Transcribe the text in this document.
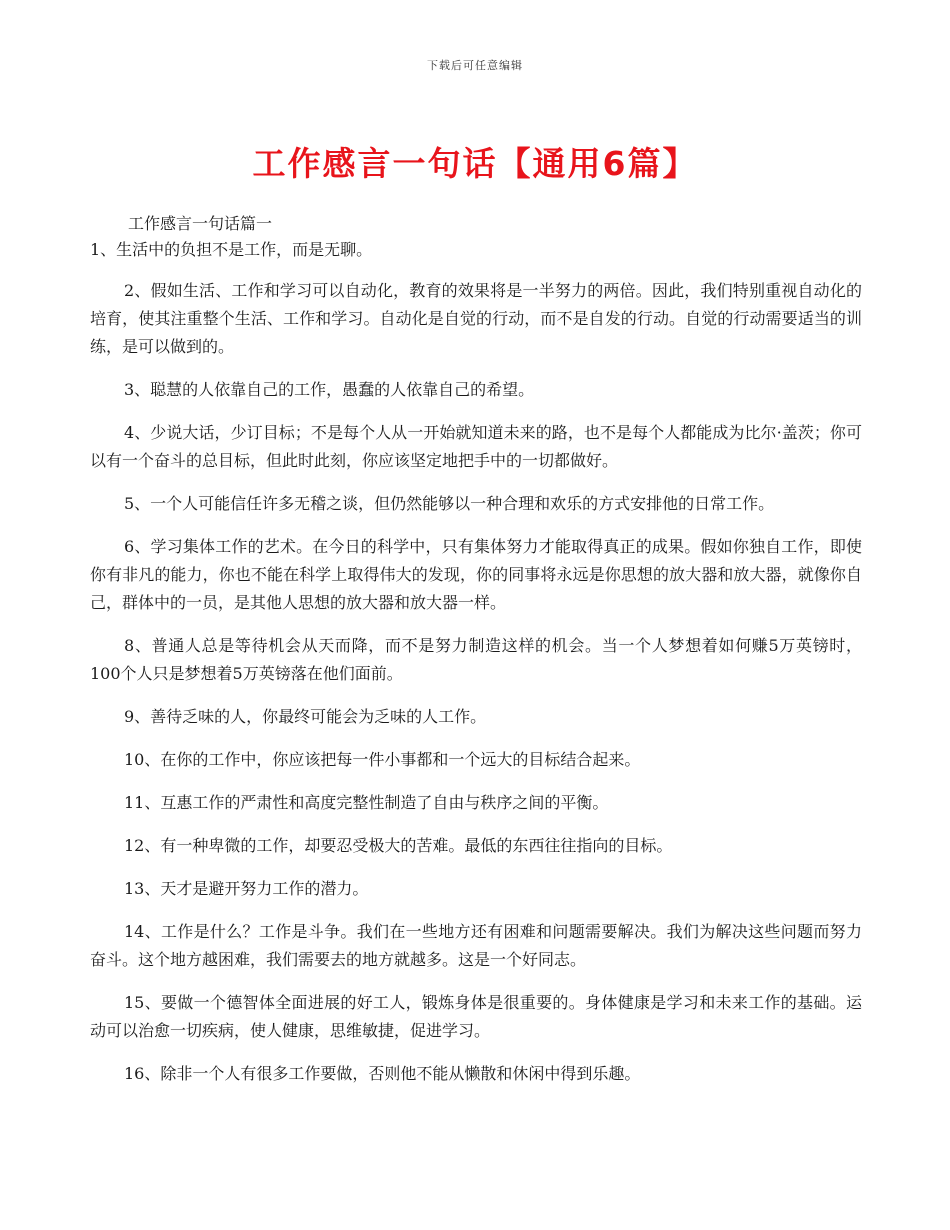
下载后可任意编辑
工作感言一句话【通用6篇】

工作感言一句话篇一

1、生活中的负担不是工作，而是无聊。

2、假如生活、工作和学习可以自动化，教育的效果将是一半努力的两倍。因此，我们特别重视自动化的培育，使其注重整个生活、工作和学习。自动化是自觉的行动，而不是自发的行动。自觉的行动需要适当的训练，是可以做到的。

3、聪慧的人依靠自己的工作，愚蠢的人依靠自己的希望。

4、少说大话，少订目标；不是每个人从一开始就知道未来的路，也不是每个人都能成为比尔·盖茨；你可以有一个奋斗的总目标，但此时此刻，你应该坚定地把手中的一切都做好。

5、一个人可能信任许多无稽之谈，但仍然能够以一种合理和欢乐的方式安排他的日常工作。

6、学习集体工作的艺术。在今日的科学中，只有集体努力才能取得真正的成果。假如你独自工作，即使你有非凡的能力，你也不能在科学上取得伟大的发现，你的同事将永远是你思想的放大器和放大器，就像你自己，群体中的一员，是其他人思想的放大器和放大器一样。

8、普通人总是等待机会从天而降，而不是努力制造这样的机会。当一个人梦想着如何赚5万英镑时，100个人只是梦想着5万英镑落在他们面前。

9、善待乏味的人，你最终可能会为乏味的人工作。

10、在你的工作中，你应该把每一件小事都和一个远大的目标结合起来。

11、互惠工作的严肃性和高度完整性制造了自由与秩序之间的平衡。

12、有一种卑微的工作，却要忍受极大的苦难。最低的东西往往指向的目标。

13、天才是避开努力工作的潜力。

14、工作是什么？工作是斗争。我们在一些地方还有困难和问题需要解决。我们为解决这些问题而努力奋斗。这个地方越困难，我们需要去的地方就越多。这是一个好同志。

15、要做一个德智体全面进展的好工人，锻炼身体是很重要的。身体健康是学习和未来工作的基础。运动可以治愈一切疾病，使人健康，思维敏捷，促进学习。

16、除非一个人有很多工作要做，否则他不能从懒散和休闲中得到乐趣。
